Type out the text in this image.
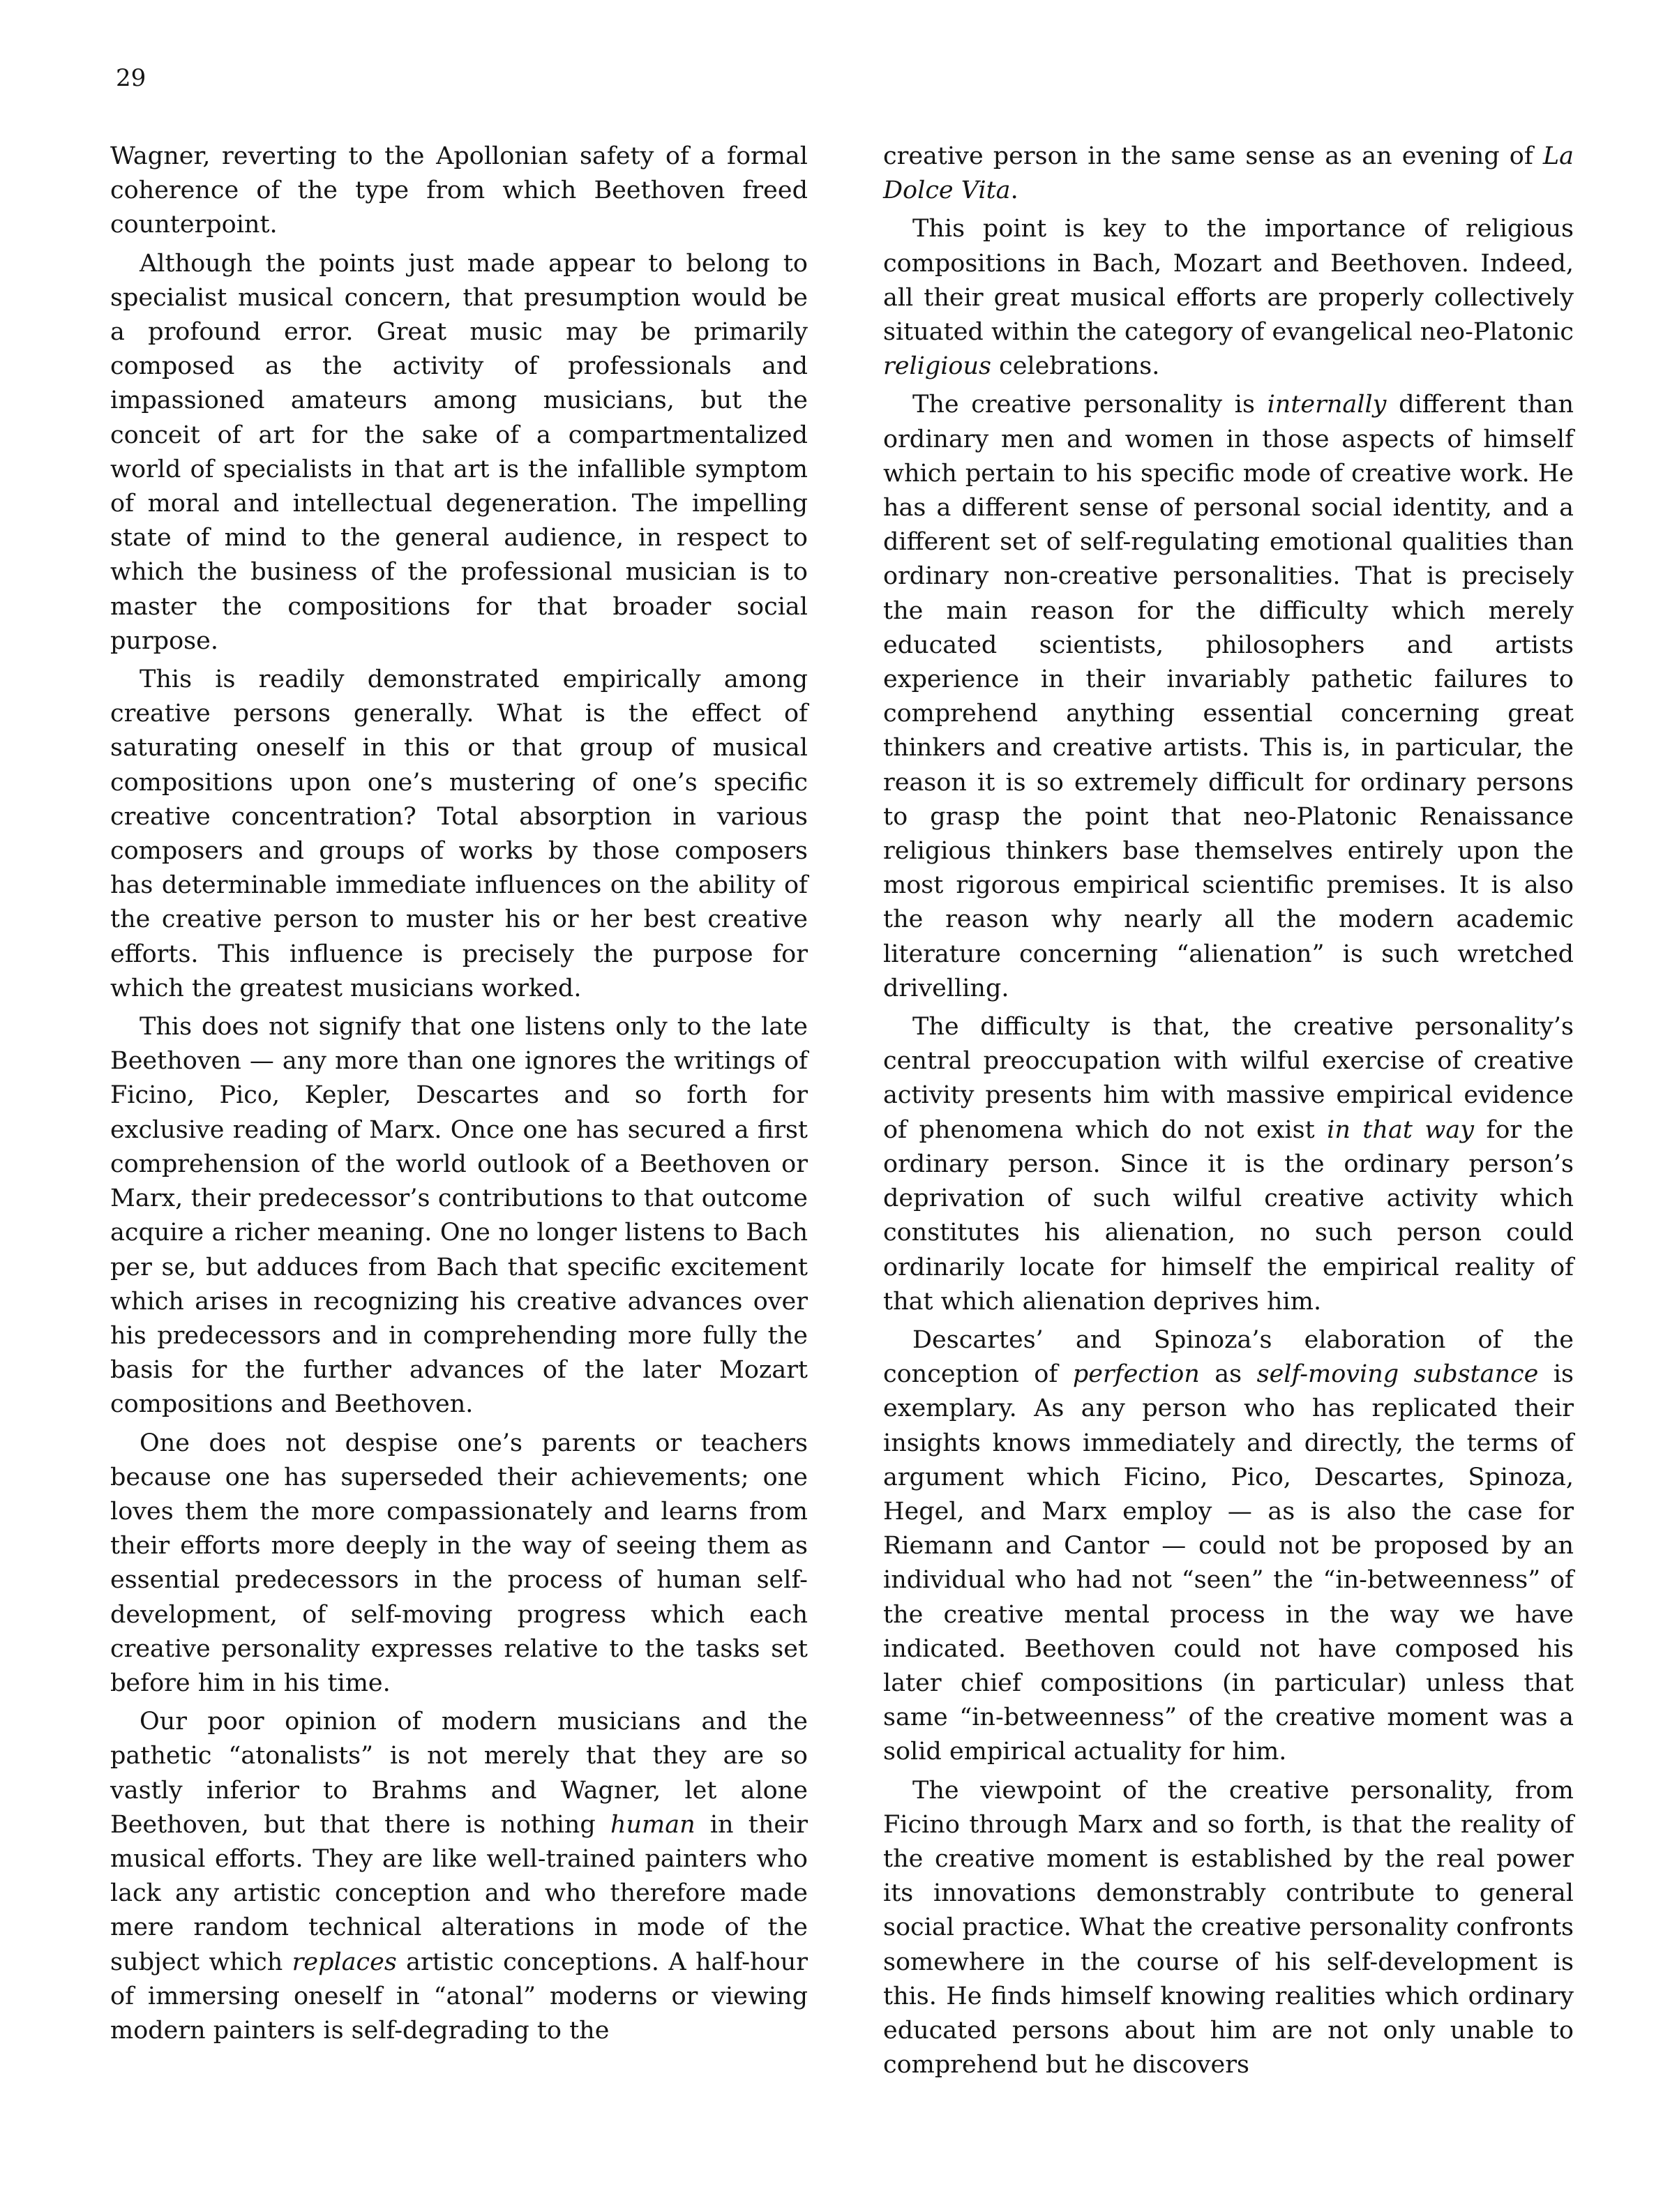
29

Wagner, reverting to the Apollonian safety of a formal coherence of the type from which Beethoven freed counterpoint.

Although the points just made appear to belong to specialist musical concern, that presumption would be a profound error. Great music may be primarily composed as the activity of professionals and impassioned amateurs among musicians, but the conceit of art for the sake of a compartmentalized world of specialists in that art is the infallible symptom of moral and intellectual degeneration. The impelling state of mind to the general audience, in respect to which the business of the professional musician is to master the compositions for that broader social purpose.

This is readily demonstrated empirically among creative persons generally. What is the effect of saturating oneself in this or that group of musical compositions upon one’s mustering of one’s specific creative concentration? Total absorption in various composers and groups of works by those composers has determinable immediate influences on the ability of the creative person to muster his or her best creative efforts. This influence is precisely the purpose for which the greatest musicians worked.

This does not signify that one listens only to the late Beethoven — any more than one ignores the writings of Ficino, Pico, Kepler, Descartes and so forth for exclusive reading of Marx. Once one has secured a first comprehension of the world outlook of a Beethoven or Marx, their predecessor’s contributions to that outcome acquire a richer meaning. One no longer listens to Bach per se, but adduces from Bach that specific excitement which arises in recognizing his creative advances over his predecessors and in comprehending more fully the basis for the further advances of the later Mozart compositions and Beethoven.

One does not despise one’s parents or teachers because one has superseded their achievements; one loves them the more compassionately and learns from their efforts more deeply in the way of seeing them as essential predecessors in the process of human self-development, of self-moving progress which each creative personality expresses relative to the tasks set before him in his time.

Our poor opinion of modern musicians and the pathetic “atonalists” is not merely that they are so vastly inferior to Brahms and Wagner, let alone Beethoven, but that there is nothing human in their musical efforts. They are like well-trained painters who lack any artistic conception and who therefore made mere random technical alterations in mode of the subject which replaces artistic conceptions. A half-hour of immersing oneself in “atonal” moderns or viewing modern painters is self-degrading to the

creative person in the same sense as an evening of La Dolce Vita.

This point is key to the importance of religious compositions in Bach, Mozart and Beethoven. Indeed, all their great musical efforts are properly collectively situated within the category of evangelical neo-Platonic religious celebrations.

The creative personality is internally different than ordinary men and women in those aspects of himself which pertain to his specific mode of creative work. He has a different sense of personal social identity, and a different set of self-regulating emotional qualities than ordinary non-creative personalities. That is precisely the main reason for the difficulty which merely educated scientists, philosophers and artists experience in their invariably pathetic failures to comprehend anything essential concerning great thinkers and creative artists. This is, in particular, the reason it is so extremely difficult for ordinary persons to grasp the point that neo-Platonic Renaissance religious thinkers base themselves entirely upon the most rigorous empirical scientific premises. It is also the reason why nearly all the modern academic literature concerning “alienation” is such wretched drivelling.

The difficulty is that, the creative personality’s central preoccupation with wilful exercise of creative activity presents him with massive empirical evidence of phenomena which do not exist in that way for the ordinary person. Since it is the ordinary person’s deprivation of such wilful creative activity which constitutes his alienation, no such person could ordinarily locate for himself the empirical reality of that which alienation deprives him.

Descartes’ and Spinoza’s elaboration of the conception of perfection as self-moving substance is exemplary. As any person who has replicated their insights knows immediately and directly, the terms of argument which Ficino, Pico, Descartes, Spinoza, Hegel, and Marx employ — as is also the case for Riemann and Cantor — could not be proposed by an individual who had not “seen” the “in-betweenness” of the creative mental process in the way we have indicated. Beethoven could not have composed his later chief compositions (in particular) unless that same “in-betweenness” of the creative moment was a solid empirical actuality for him.

The viewpoint of the creative personality, from Ficino through Marx and so forth, is that the reality of the creative moment is established by the real power its innovations demonstrably contribute to general social practice. What the creative personality confronts somewhere in the course of his self-development is this. He finds himself knowing realities which ordinary educated persons about him are not only unable to comprehend but he discovers
